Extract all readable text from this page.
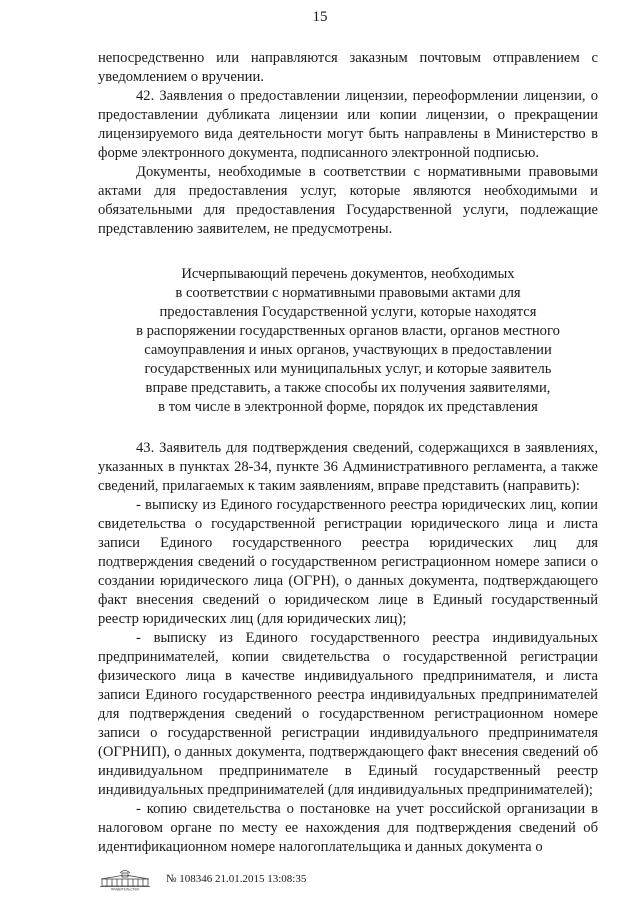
15

непосредственно или направляются заказным почтовым отправлением с уведомлением о вручении.

42. Заявления о предоставлении лицензии, переоформлении лицензии, о предоставлении дубликата лицензии или копии лицензии, о прекращении лицензируемого вида деятельности могут быть направлены в Министерство в форме электронного документа, подписанного электронной подписью.

Документы, необходимые в соответствии с нормативными правовыми актами для предоставления услуг, которые являются необходимыми и обязательными для предоставления Государственной услуги, подлежащие представлению заявителем, не предусмотрены.

Исчерпывающий перечень документов, необходимых
в соответствии с нормативными правовыми актами для
предоставления Государственной услуги, которые находятся
в распоряжении государственных органов власти, органов местного
самоуправления и иных органов, участвующих в предоставлении
государственных или муниципальных услуг, и которые заявитель
вправе представить, а также способы их получения заявителями,
в том числе в электронной форме, порядок их представления

43. Заявитель для подтверждения сведений, содержащихся в заявлениях, указанных в пунктах 28-34, пункте 36 Административного регламента, а также сведений, прилагаемых к таким заявлениям, вправе представить (направить):

- выписку из Единого государственного реестра юридических лиц, копии свидетельства о государственной регистрации юридического лица и листа записи Единого государственного реестра юридических лиц для подтверждения сведений о государственном регистрационном номере записи о создании юридического лица (ОГРН), о данных документа, подтверждающего факт внесения сведений о юридическом лице в Единый государственный реестр юридических лиц (для юридических лиц);

- выписку из Единого государственного реестра индивидуальных предпринимателей, копии свидетельства о государственной регистрации физического лица в качестве индивидуального предпринимателя, и листа записи Единого государственного реестра индивидуальных предпринимателей для подтверждения сведений о государственном регистрационном номере записи о государственной регистрации индивидуального предпринимателя (ОГРНИП), о данных документа, подтверждающего факт внесения сведений об индивидуальном предпринимателе в Единый государственный реестр индивидуальных предпринимателей (для индивидуальных предпринимателей);

- копию свидетельства о постановке на учет российской организации в налоговом органе по месту ее нахождения для подтверждения сведений об идентификационном номере налогоплательщика и данных документа о

ПРАВИТЕЛЬСТВО
№ 108346 21.01.2015 13:08:35
